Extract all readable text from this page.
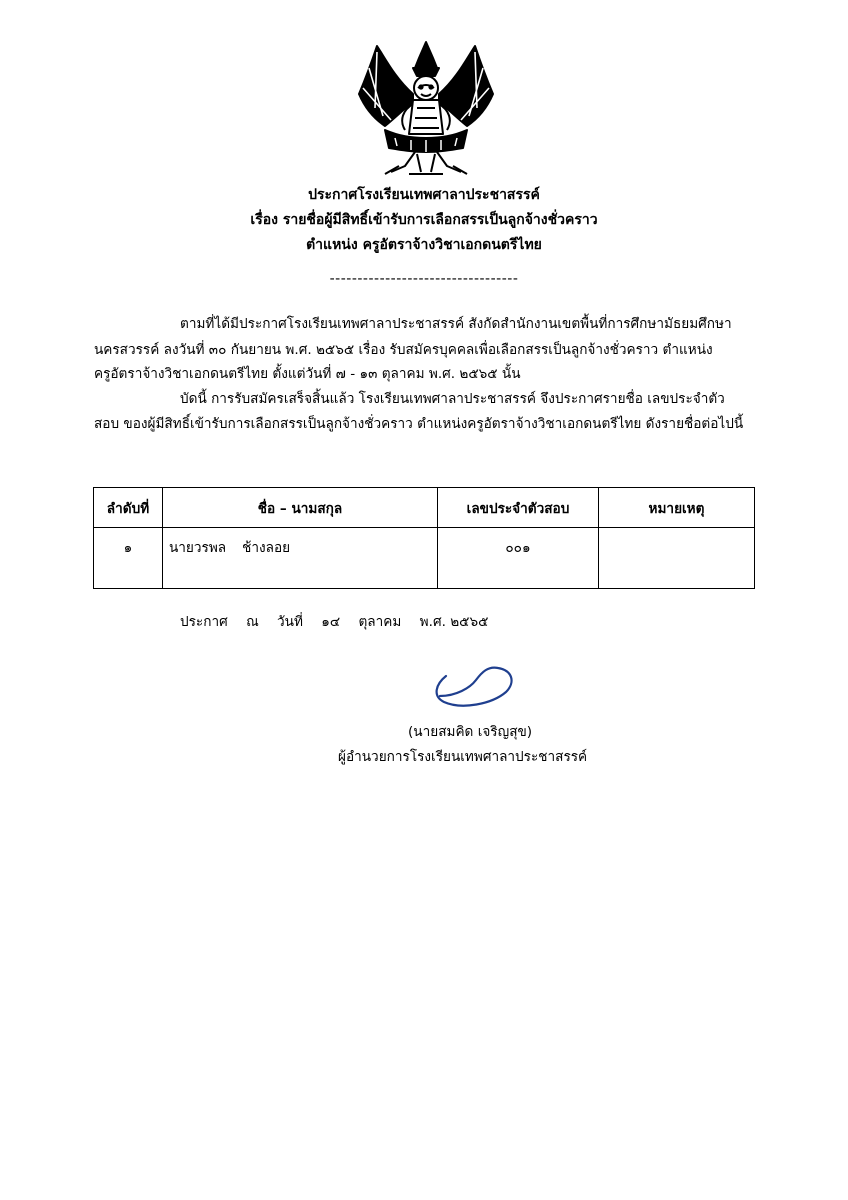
ประกาศโรงเรียนเทพศาลาประชาสรรค์
เรื่อง รายชื่อผู้มีสิทธิ์เข้ารับการเลือกสรรเป็นลูกจ้างชั่วคราว
ตำแหน่ง ครูอัตราจ้างวิชาเอกดนตรีไทย
----------------------------------
ตามที่ได้มีประกาศโรงเรียนเทพศาลาประชาสรรค์ สังกัดสำนักงานเขตพื้นที่การศึกษามัธยมศึกษา
นครสวรรค์ ลงวันที่ ๓๐ กันยายน พ.ศ. ๒๕๖๕ เรื่อง รับสมัครบุคคลเพื่อเลือกสรรเป็นลูกจ้างชั่วคราว ตำแหน่ง
ครูอัตราจ้างวิชาเอกดนตรีไทย ตั้งแต่วันที่ ๗ - ๑๓ ตุลาคม พ.ศ. ๒๕๖๕ นั้น
บัดนี้ การรับสมัครเสร็จสิ้นแล้ว โรงเรียนเทพศาลาประชาสรรค์ จึงประกาศรายชื่อ เลขประจำตัว
สอบ ของผู้มีสิทธิ์เข้ารับการเลือกสรรเป็นลูกจ้างชั่วคราว ตำแหน่งครูอัตราจ้างวิชาเอกดนตรีไทย ดังรายชื่อต่อไปนี้
ลำดับที่	ชื่อ – นามสกุล	เลขประจำตัวสอบ	หมายเหตุ
๑	นายวรพล ช้างลอย	๐๐๑	
ประกาศ ณ วันที่ ๑๔ ตุลาคม พ.ศ. ๒๕๖๕
(นายสมคิด เจริญสุข)
ผู้อำนวยการโรงเรียนเทพศาลาประชาสรรค์
